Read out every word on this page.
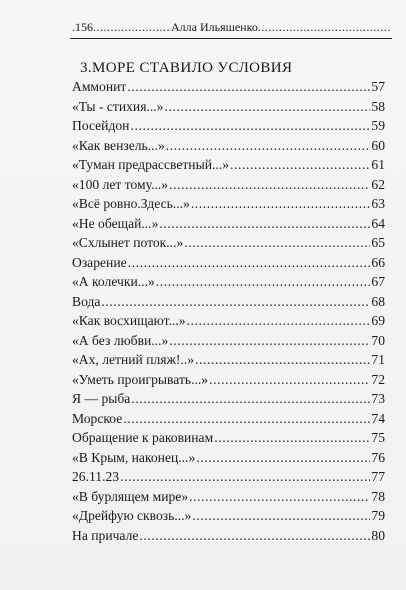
.156 .....	Алла Ильяшенко
.....
3.МОРЕ СТАВИЛО УСЛОВИЯ
Аммонит .....	57
«Ты - стихия...» .....	58
Посейдон .....	59
«Как вензель...» .....	60
«Туман предрассветный...» .....	61
«100 лет тому...» .....	62
«Всё ровно.Здесь...» .....	63
«Не обещай...» .....	64
«Схлынет поток...» .....	65
Озарение .....	66
«А колечки...» .....	67
Вода .....	68
«Как восхищают...» .....	69
«А без любви...» .....	70
«Ах, летний пляж!..» .....	71
«Уметь проигрывать...» .....	72
Я — рыба .....	73
Морское .....	74
Обращение к раковинам .....	75
«В Крым, наконец...» .....	76
26.11.23 .....	77
«В бурлящем мире» .....	78
«Дрейфую сквозь...» .....	79
На причале .....	80
